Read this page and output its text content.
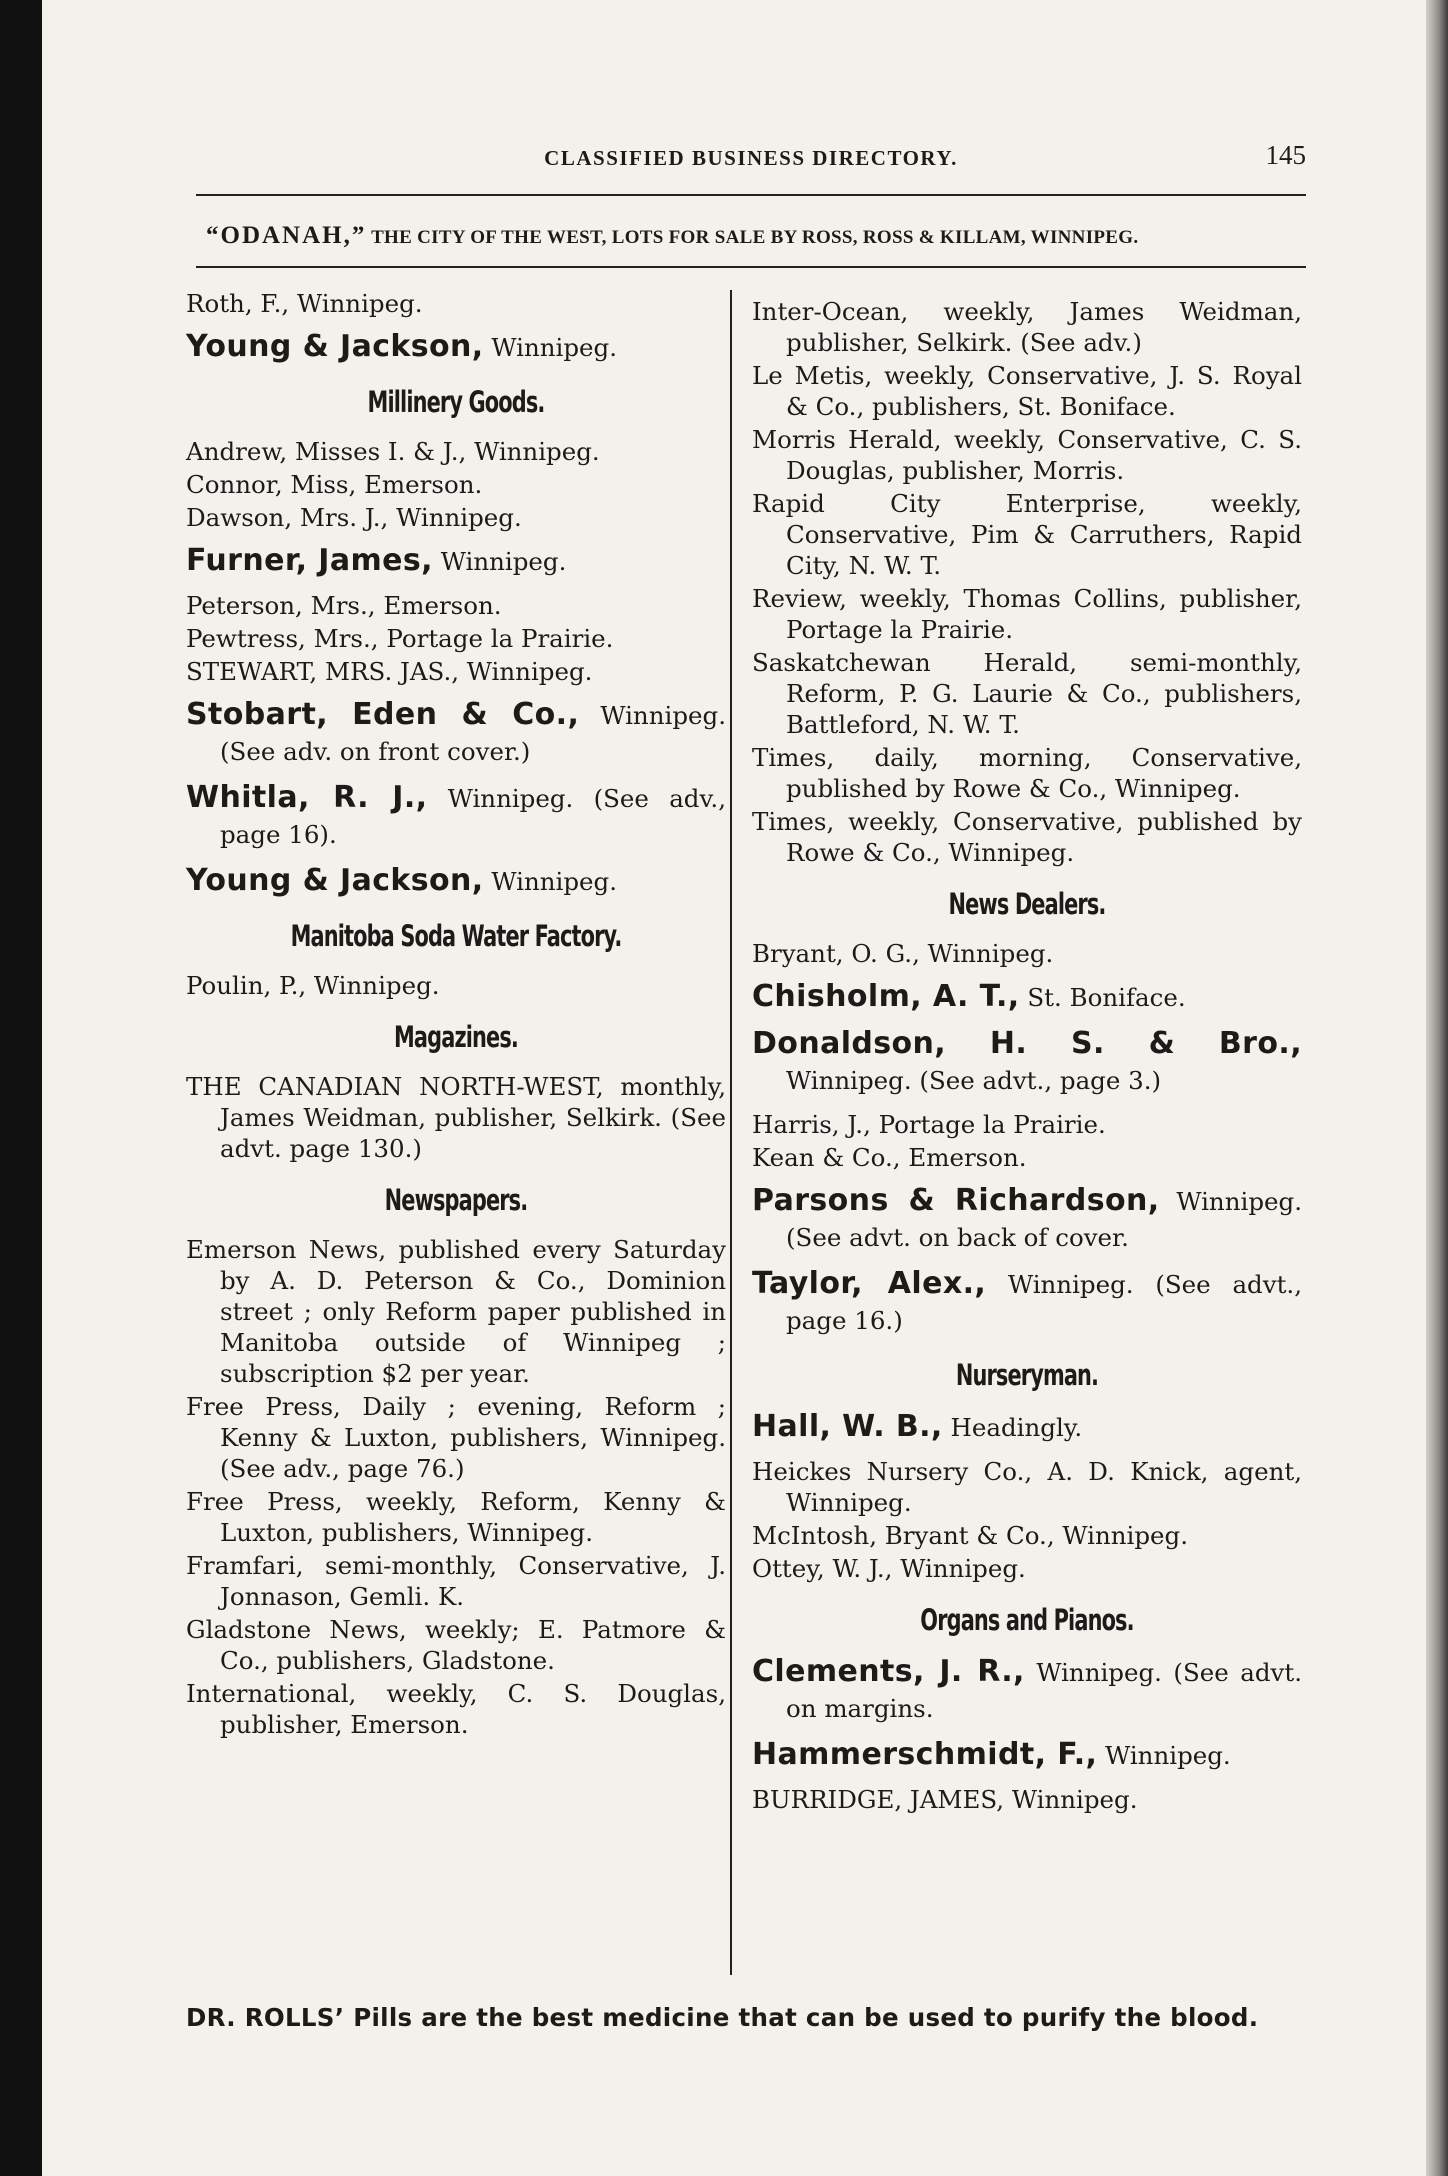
CLASSIFIED BUSINESS DIRECTORY.	145
“ODANAH,” THE CITY OF THE WEST, LOTS FOR SALE BY ROSS, ROSS & KILLAM, WINNIPEG.
Roth, F., Winnipeg.
Young & Jackson, Winnipeg.
Millinery Goods.
Andrew, Misses I. & J., Winnipeg.
Connor, Miss, Emerson.
Dawson, Mrs. J., Winnipeg.
Furner, James, Winnipeg.
Peterson, Mrs., Emerson.
Pewtress, Mrs., Portage la Prairie.
STEWART, MRS. JAS., Winnipeg.
Stobart, Eden & Co., Winnipeg. (See adv. on front cover.)
Whitla, R. J., Winnipeg. (See adv., page 16).
Young & Jackson, Winnipeg.
Manitoba Soda Water Factory.
Poulin, P., Winnipeg.
Magazines.
THE CANADIAN NORTH-WEST, monthly, James Weidman, publisher, Selkirk. (See advt. page 130.)
Newspapers.
Emerson News, published every Saturday by A. D. Peterson & Co., Dominion street ; only Reform paper published in Manitoba outside of Winnipeg ; subscription $2 per year.
Free Press, Daily ; evening, Reform ; Kenny & Luxton, publishers, Winnipeg. (See adv., page 76.)
Free Press, weekly, Reform, Kenny & Luxton, publishers, Winnipeg.
Framfari, semi-monthly, Conservative, J. Jonnason, Gemli. K.
Gladstone News, weekly; E. Patmore & Co., publishers, Gladstone.
International, weekly, C. S. Douglas, publisher, Emerson.
Inter-Ocean, weekly, James Weidman, publisher, Selkirk. (See adv.)
Le Metis, weekly, Conservative, J. S. Royal & Co., publishers, St. Boniface.
Morris Herald, weekly, Conservative, C. S. Douglas, publisher, Morris.
Rapid City Enterprise, weekly, Conservative, Pim & Carruthers, Rapid City, N. W. T.
Review, weekly, Thomas Collins, publisher, Portage la Prairie.
Saskatchewan Herald, semi-monthly, Reform, P. G. Laurie & Co., publishers, Battleford, N. W. T.
Times, daily, morning, Conservative, published by Rowe & Co., Winnipeg.
Times, weekly, Conservative, published by Rowe & Co., Winnipeg.
News Dealers.
Bryant, O. G., Winnipeg.
Chisholm, A. T., St. Boniface.
Donaldson, H. S. & Bro., Winnipeg. (See advt., page 3.)
Harris, J., Portage la Prairie.
Kean & Co., Emerson.
Parsons & Richardson, Winnipeg. (See advt. on back of cover.
Taylor, Alex., Winnipeg. (See advt., page 16.)
Nurseryman.
Hall, W. B., Headingly.
Heickes Nursery Co., A. D. Knick, agent, Winnipeg.
McIntosh, Bryant & Co., Winnipeg.
Ottey, W. J., Winnipeg.
Organs and Pianos.
Clements, J. R., Winnipeg. (See advt. on margins.
Hammerschmidt, F., Winnipeg.
BURRIDGE, JAMES, Winnipeg.
DR. ROLLS’ Pills are the best medicine that can be used to purify the blood.
